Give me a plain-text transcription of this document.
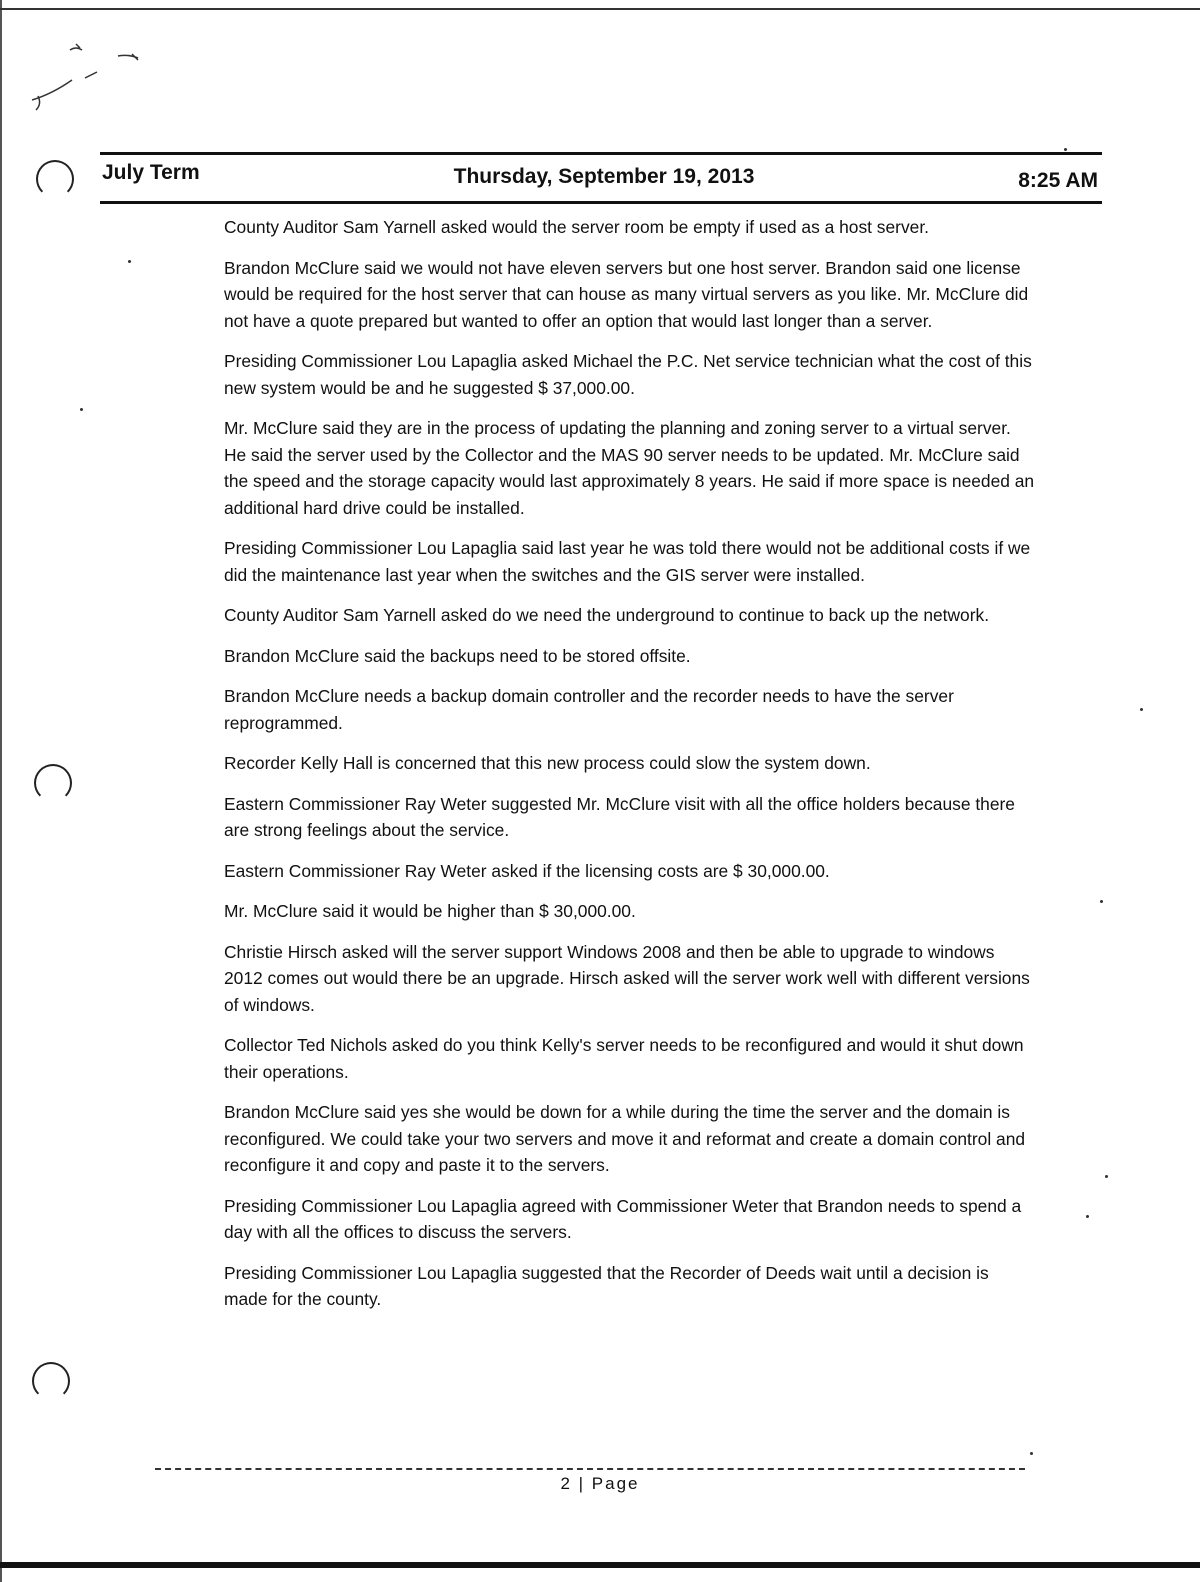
July Term	Thursday, September 19, 2013	8:25 AM

County Auditor Sam Yarnell asked would the server room be empty if used as a host server.

Brandon McClure said we would not have eleven servers but one host server. Brandon said one license would be required for the host server that can house as many virtual servers as you like. Mr. McClure did not have a quote prepared but wanted to offer an option that would last longer than a server.

Presiding Commissioner Lou Lapaglia asked Michael the P.C. Net service technician what the cost of this new system would be and he suggested $ 37,000.00.

Mr. McClure said they are in the process of updating the planning and zoning server to a virtual server. He said the server used by the Collector and the MAS 90 server needs to be updated. Mr. McClure said the speed and the storage capacity would last approximately 8 years. He said if more space is needed an additional hard drive could be installed.

Presiding Commissioner Lou Lapaglia said last year he was told there would not be additional costs if we did the maintenance last year when the switches and the GIS server were installed.

County Auditor Sam Yarnell asked do we need the underground to continue to back up the network.

Brandon McClure said the backups need to be stored offsite.

Brandon McClure needs a backup domain controller and the recorder needs to have the server reprogrammed.

Recorder Kelly Hall is concerned that this new process could slow the system down.

Eastern Commissioner Ray Weter suggested Mr. McClure visit with all the office holders because there are strong feelings about the service.

Eastern Commissioner Ray Weter asked if the licensing costs are $ 30,000.00.

Mr. McClure said it would be higher than $ 30,000.00.

Christie Hirsch asked will the server support Windows 2008 and then be able to upgrade to windows 2012 comes out would there be an upgrade. Hirsch asked will the server work well with different versions of windows.

Collector Ted Nichols asked do you think Kelly's server needs to be reconfigured and would it shut down their operations.

Brandon McClure said yes she would be down for a while during the time the server and the domain is reconfigured. We could take your two servers and move it and reformat and create a domain control and reconfigure it and copy and paste it to the servers.

Presiding Commissioner Lou Lapaglia agreed with Commissioner Weter that Brandon needs to spend a day with all the offices to discuss the servers.

Presiding Commissioner Lou Lapaglia suggested that the Recorder of Deeds wait until a decision is made for the county.

2 | Page
